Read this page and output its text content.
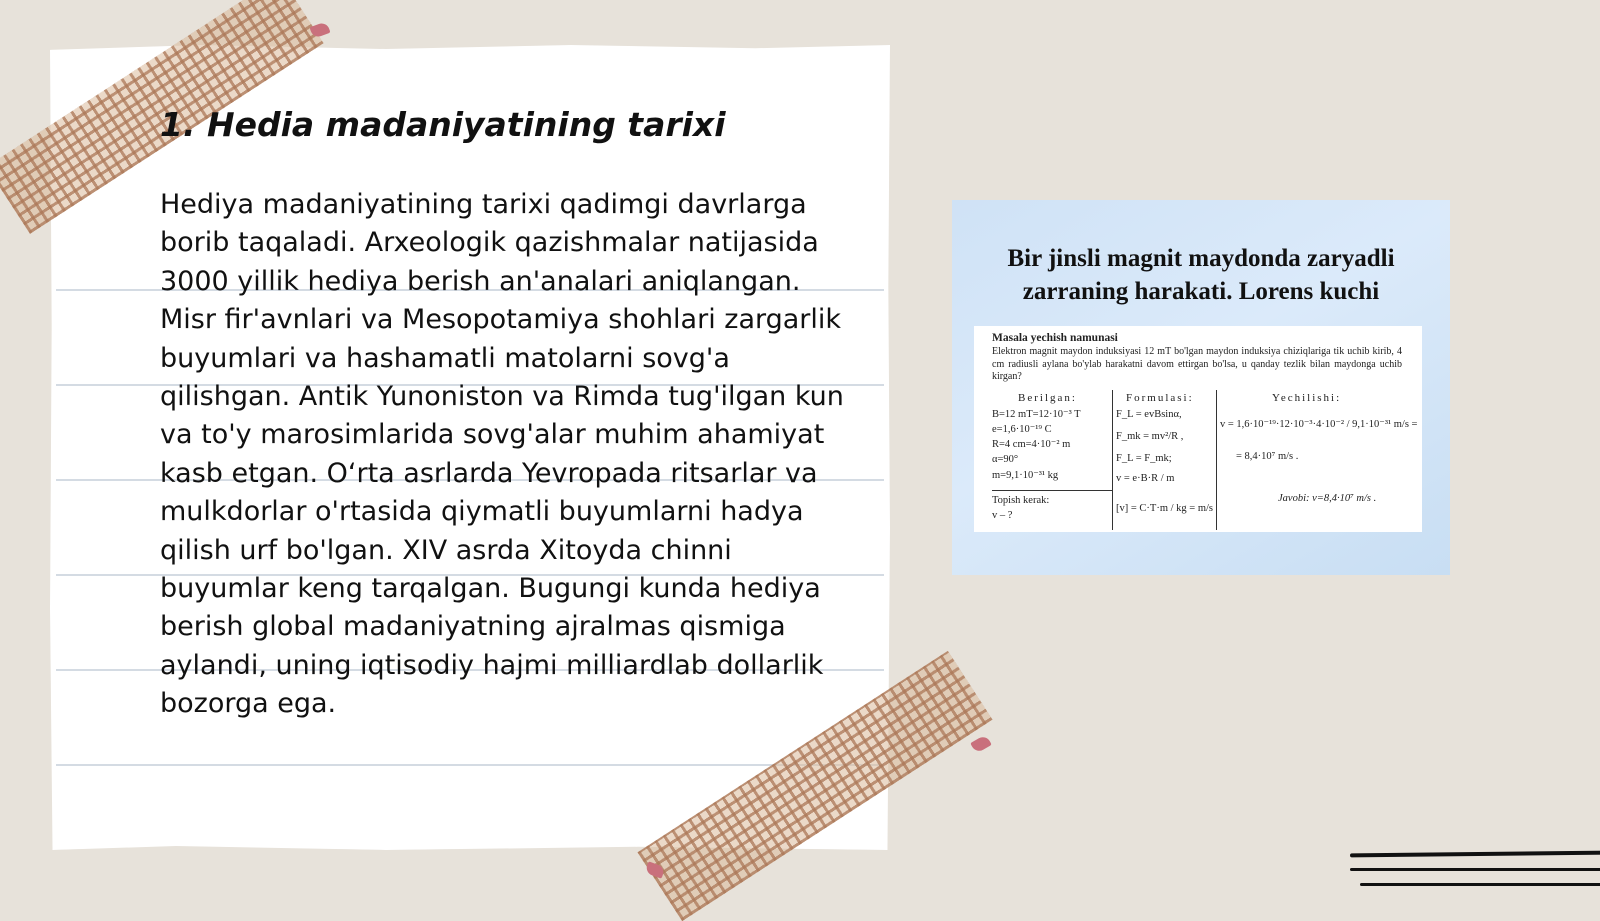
1. Hedia madaniyatining tarixi

Hediya madaniyatining tarixi qadimgi davrlarga borib taqaladi. Arxeologik qazishmalar natijasida 3000 yillik hediya berish an'analari aniqlangan. Misr fir'avnlari va Mesopotamiya shohlari zargarlik buyumlari va hashamatli matolarni sovg'a qilishgan. Antik Yunoniston va Rimda tug'ilgan kun va to'y marosimlarida sovg'alar muhim ahamiyat kasb etgan. O‘rta asrlarda Yevropada ritsarlar va mulkdorlar o'rtasida qiymatli buyumlarni hadya qilish urf bo'lgan. XIV asrda Xitoyda chinni buyumlar keng tarqalgan. Bugungi kunda hediya berish global madaniyatning ajralmas qismiga aylandi, uning iqtisodiy hajmi milliardlab dollarlik bozorga ega.

Bir jinsli magnit maydonda zaryadli
zarraning harakati. Lorens kuchi
Masala yechish namunasi
Elektron magnit maydon induksiyasi 12 mT bo'lgan maydon induksiya chiziqlariga tik uchib kirib, 4 cm radiusli aylana bo'ylab harakatni davom ettirgan bo'lsa, u qanday tezlik bilan maydonga uchib kirgan?
Berilgan:	Formulasi:	Yechilishi:
B=12 mT=12·10⁻³ T
e=1,6·10⁻¹⁹ C
R=4 cm=4·10⁻² m
α=90°
m=9,1·10⁻³¹ kg
Topish kerak:
v – ?
F_L = evBsinα,
F_mk = mv²/R ,
F_L = F_mk;
v = e·B·R / m
[v] = C·T·m / kg = m/s
v = 1,6·10⁻¹⁹·12·10⁻³·4·10⁻² / 9,1·10⁻³¹ m/s =
= 8,4·10⁷ m/s .
Javobi: v=8,4·10⁷ m/s .
